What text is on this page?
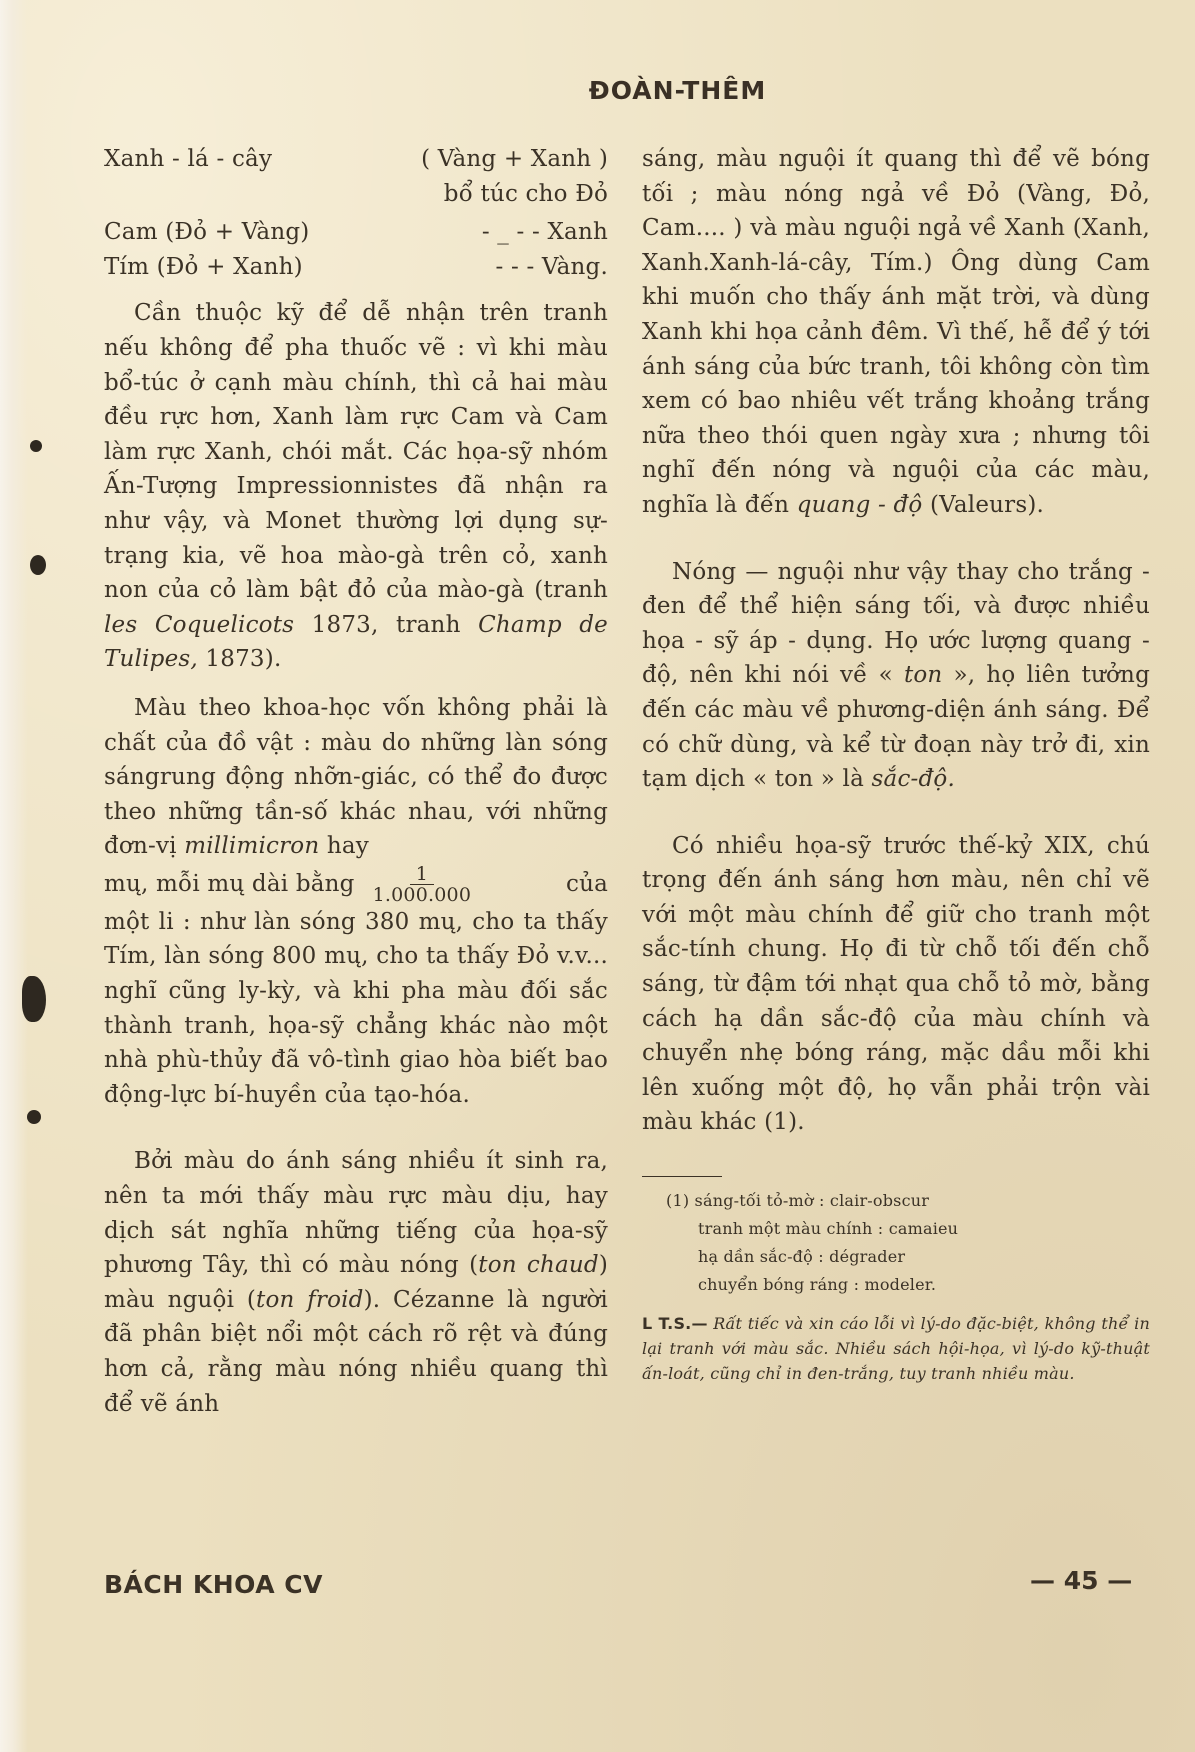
ĐOÀN-THÊM
Xanh - lá - cây	( Vàng + Xanh )
bổ túc cho Đỏ
Cam (Đỏ + Vàng)	- _ - - Xanh
Tím (Đỏ + Xanh)	- - - Vàng.

Cần thuộc kỹ để dễ nhận trên tranh nếu không để pha thuốc vẽ : vì khi màu bổ-túc ở cạnh màu chính, thì cả hai màu đều rực hơn, Xanh làm rực Cam và Cam làm rực Xanh, chói mắt. Các họa-sỹ nhóm Ấn-Tượng Impressionnistes đã nhận ra như vậy, và Monet thường lợi dụng sự-trạng kia, vẽ hoa mào-gà trên cỏ, xanh non của cỏ làm bật đỏ của mào-gà (tranh les Coquelicots 1873, tranh Champ de Tulipes, 1873).

Màu theo khoa-học vốn không phải là chất của đồ vật : màu do những làn sóng sángrung động nhỡn-giác, có thể đo được theo những tần-số khác nhau, với những đơn-vị millimicron hay

mų, mỗi mų dài bằng $\frac{1}{1.000.000}$	của

một li : như làn sóng 380 mų, cho ta thấy Tím, làn sóng 800 mų, cho ta thấy Đỏ v.v... nghĩ cũng ly-kỳ, và khi pha màu đối sắc thành tranh, họa-sỹ chẳng khác nào một nhà phù-thủy đã vô-tình giao hòa biết bao động-lực bí-huyền của tạo-hóa.

Bởi màu do ánh sáng nhiều ít sinh ra, nên ta mới thấy màu rực màu dịu, hay dịch sát nghĩa những tiếng của họa-sỹ phương Tây, thì có màu nóng (ton chaud) màu nguội (ton froid). Cézanne là người đã phân biệt nổi một cách rõ rệt và đúng hơn cả, rằng màu nóng nhiều quang thì để vẽ ánh

sáng, màu nguội ít quang thì để vẽ bóng tối ; màu nóng ngả về Đỏ (Vàng, Đỏ, Cam.... ) và màu nguội ngả về Xanh (Xanh, Xanh.Xanh-lá-cây, Tím.) Ông dùng Cam khi muốn cho thấy ánh mặt trời, và dùng Xanh khi họa cảnh đêm. Vì thế, hễ để ý tới ánh sáng của bức tranh, tôi không còn tìm xem có bao nhiêu vết trắng khoảng trắng nữa theo thói quen ngày xưa ; nhưng tôi nghĩ đến nóng và nguội của các màu, nghĩa là đến quang - độ (Valeurs).

Nóng — nguội như vậy thay cho trắng - đen để thể hiện sáng tối, và được nhiều họa - sỹ áp - dụng. Họ ước lượng quang - độ, nên khi nói về « ton », họ liên tưởng đến các màu về phương-diện ánh sáng. Để có chữ dùng, và kể từ đoạn này trở đi, xin tạm dịch « ton » là sắc-độ.

Có nhiều họa-sỹ trước thế-kỷ XIX, chú trọng đến ánh sáng hơn màu, nên chỉ vẽ với một màu chính để giữ cho tranh một sắc-tính chung. Họ đi từ chỗ tối đến chỗ sáng, từ đậm tới nhạt qua chỗ tỏ mờ, bằng cách hạ dần sắc-độ của màu chính và chuyển nhẹ bóng ráng, mặc dầu mỗi khi lên xuống một độ, họ vẫn phải trộn vài màu khác (1).

(1) sáng-tối tỏ-mờ : clair-obscur
tranh một màu chính : camaieu
hạ dần sắc-độ : dégrader
chuyển bóng ráng : modeler.
L T.S.— Rất tiếc và xin cáo lỗi vì lý-do đặc-biệt, không thể in lại tranh với màu sắc. Nhiều sách hội-họa, vì lý-do kỹ-thuật ấn-loát, cũng chỉ in đen-trắng, tuy tranh nhiều màu.
BÁCH KHOA CV	— 45 —
